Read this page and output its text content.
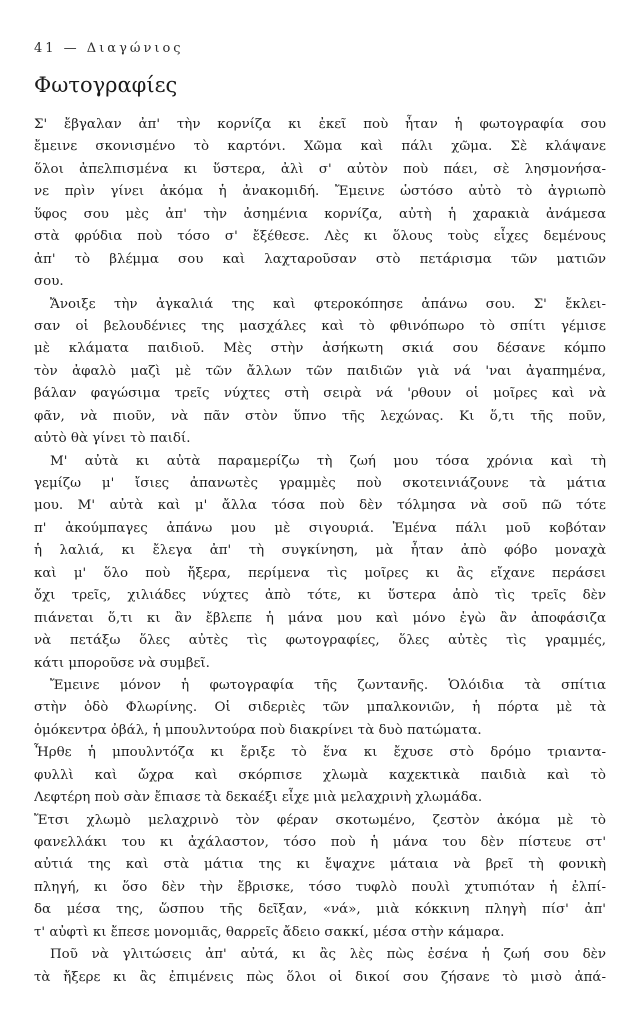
41 — Διαγώνιος
Φωτογραφίες
Σ' ἔβγαλαν ἀπ' τὴν κορνίζα κι ἐκεῖ ποὺ ἦταν ἡ φωτογραφία σου
ἔμεινε σκονισμένο τὸ καρτόνι. Χῶμα καὶ πάλι χῶμα. Σὲ κλάψανε
ὅλοι ἀπελπισμένα κι ὕστερα, ἀλὶ σ' αὐτὸν ποὺ πάει, σὲ λησμονήσα-
νε πρὶν γίνει ἀκόμα ἡ ἀνακομιδή. Ἔμεινε ὡστόσο αὐτὸ τὸ ἀγριωπὸ
ὕφος σου μὲς ἀπ' τὴν ἀσημένια κορνίζα, αὐτὴ ἡ χαρακιὰ ἀνάμεσα
στὰ φρύδια ποὺ τόσο σ' ἔξέθεσε. Λὲς κι ὅλους τοὺς εἶχες δεμένους
ἀπ' τὸ βλέμμα σου καὶ λαχταροῦσαν στὸ πετάρισμα τῶν ματιῶν
σου.
Ἄνοιξε τὴν ἀγκαλιά της καὶ φτεροκόπησε ἀπάνω σου. Σ' ἔκλει-
σαν οἱ βελουδένιες της μασχάλες καὶ τὸ φθινόπωρο τὸ σπίτι γέμισε
μὲ κλάματα παιδιοῦ. Μὲς στὴν ἀσήκωτη σκιά σου δέσανε κόμπο
τὸν ἀφαλὸ μαζὶ μὲ τῶν ἄλλων τῶν παιδιῶν γιὰ νά 'ναι ἀγαπημένα,
βάλαν φαγώσιμα τρεῖς νύχτες στὴ σειρὰ νά 'ρθουν οἱ μοῖρες καὶ νὰ
φᾶν, νὰ πιοῦν, νὰ πᾶν στὸν ὕπνο τῆς λεχώνας. Κι ὅ,τι τῆς ποῦν,
αὐτὸ θὰ γίνει τὸ παιδί.
Μ' αὐτὰ κι αὐτὰ παραμερίζω τὴ ζωή μου τόσα χρόνια καὶ τὴ
γεμίζω μ' ἴσιες ἀπανωτὲς γραμμὲς ποὺ σκοτεινιάζουνε τὰ μάτια
μου. Μ' αὐτὰ καὶ μ' ἄλλα τόσα ποὺ δὲν τόλμησα νὰ σοῦ πῶ τότε
π' ἀκούμπαγες ἀπάνω μου μὲ σιγουριά. Ἐμένα πάλι μοῦ κοβόταν
ἡ λαλιά, κι ἔλεγα ἀπ' τὴ συγκίνηση, μὰ ἦταν ἀπὸ φόβο μοναχὰ
καὶ μ' ὅλο ποὺ ἤξερα, περίμενα τὶς μοῖρες κι ἂς εἴχανε περάσει
ὄχι τρεῖς, χιλιάδες νύχτες ἀπὸ τότε, κι ὕστερα ἀπὸ τὶς τρεῖς δὲν
πιάνεται ὅ,τι κι ἂν ἔβλεπε ἡ μάνα μου καὶ μόνο ἐγὼ ἂν ἀποφάσιζα
νὰ πετάξω ὅλες αὐτὲς τὶς φωτογραφίες, ὅλες αὐτὲς τὶς γραμμές,
κάτι μποροῦσε νὰ συμβεῖ.
Ἔμεινε μόνον ἡ φωτογραφία τῆς ζωντανῆς. Ὁλόιδια τὰ σπίτια
στὴν ὁδὸ Φλωρίνης. Οἱ σιδεριὲς τῶν μπαλκονιῶν, ἡ πόρτα μὲ τὰ
ὁμόκεντρα ὀβάλ, ἡ μπουλντούρα ποὺ διακρίνει τὰ δυὸ πατώματα.
Ἦρθε ἡ μπουλντόζα κι ἔριξε τὸ ἕνα κι ἔχυσε στὸ δρόμο τριαντα-
φυλλὶ καὶ ὤχρα καὶ σκόρπισε χλωμὰ καχεκτικὰ παιδιὰ καὶ τὸ
Λεφτέρη ποὺ σὰν ἔπιασε τὰ δεκαέξι εἶχε μιὰ μελαχρινὴ χλωμάδα.
Ἔτσι χλωμὸ μελαχρινὸ τὸν φέραν σκοτωμένο, ζεστὸν ἀκόμα μὲ τὸ
φανελλάκι του κι ἀχάλαστον, τόσο ποὺ ἡ μάνα του δὲν πίστευε στ'
αὐτιά της καὶ στὰ μάτια της κι ἔψαχνε μάταια νὰ βρεῖ τὴ φονικὴ
πληγή, κι ὅσο δὲν τὴν ἔβρισκε, τόσο τυφλὸ πουλὶ χτυπιόταν ἡ ἐλπί-
δα μέσα της, ὥσπου τῆς δεῖξαν, «νά», μιὰ κόκκινη πληγὴ πίσ' ἀπ'
τ' αὐφτὶ κι ἔπεσε μονομιᾶς, θαρρεῖς ἄδειο σακκί, μέσα στὴν κάμαρα.
Ποῦ νὰ γλιτώσεις ἀπ' αὐτά, κι ἂς λὲς πὼς ἐσένα ἡ ζωή σου δὲν
τὰ ἤξερε κι ἂς ἐπιμένεις πὼς ὅλοι οἱ δικοί σου ζήσανε τὸ μισὸ ἀπά-
